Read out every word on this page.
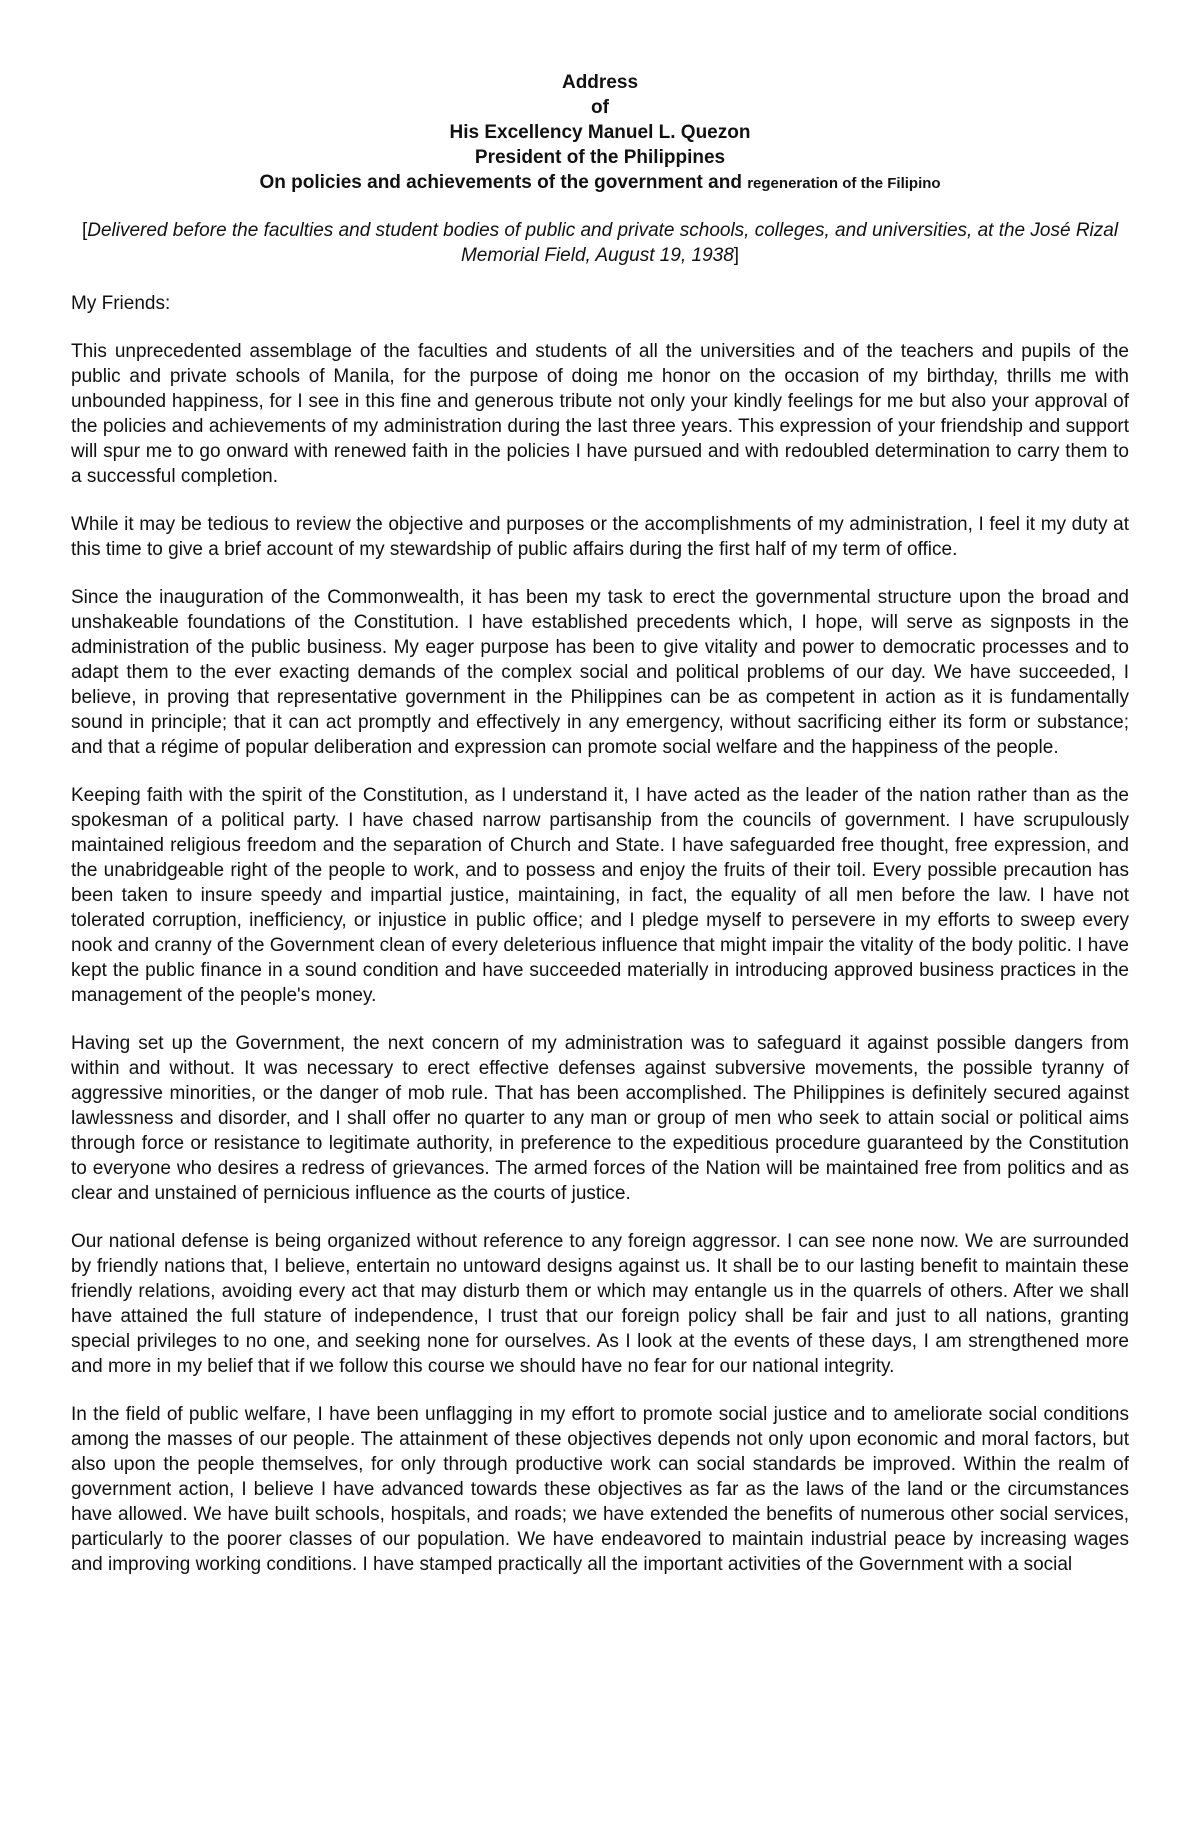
Address
of
His Excellency Manuel L. Quezon
President of the Philippines
On policies and achievements of the government and regeneration of the Filipino
[Delivered before the faculties and student bodies of public and private schools, colleges, and universities, at the José Rizal Memorial Field, August 19, 1938]
My Friends:

This unprecedented assemblage of the faculties and students of all the universities and of the teachers and pupils of the public and private schools of Manila, for the purpose of doing me honor on the occasion of my birthday, thrills me with unbounded happiness, for I see in this fine and generous tribute not only your kindly feelings for me but also your approval of the policies and achievements of my administration during the last three years. This expression of your friendship and support will spur me to go onward with renewed faith in the policies I have pursued and with redoubled determination to carry them to a successful completion.

While it may be tedious to review the objective and purposes or the accomplishments of my administration, I feel it my duty at this time to give a brief account of my stewardship of public affairs during the first half of my term of office.

Since the inauguration of the Commonwealth, it has been my task to erect the governmental structure upon the broad and unshakeable foundations of the Constitution. I have established precedents which, I hope, will serve as signposts in the administration of the public business. My eager purpose has been to give vitality and power to democratic processes and to adapt them to the ever exacting demands of the complex social and political problems of our day. We have succeeded, I believe, in proving that representative government in the Philippines can be as competent in action as it is fundamentally sound in principle; that it can act promptly and effectively in any emergency, without sacrificing either its form or substance; and that a régime of popular deliberation and expression can promote social welfare and the happiness of the people.

Keeping faith with the spirit of the Constitution, as I understand it, I have acted as the leader of the nation rather than as the spokesman of a political party. I have chased narrow partisanship from the councils of government. I have scrupulously maintained religious freedom and the separation of Church and State. I have safeguarded free thought, free expression, and the unabridgeable right of the people to work, and to possess and enjoy the fruits of their toil. Every possible precaution has been taken to insure speedy and impartial justice, maintaining, in fact, the equality of all men before the law. I have not tolerated corruption, inefficiency, or injustice in public office; and I pledge myself to persevere in my efforts to sweep every nook and cranny of the Government clean of every deleterious influence that might impair the vitality of the body politic. I have kept the public finance in a sound condition and have succeeded materially in introducing approved business practices in the management of the people's money.

Having set up the Government, the next concern of my administration was to safeguard it against possible dangers from within and without. It was necessary to erect effective defenses against subversive movements, the possible tyranny of aggressive minorities, or the danger of mob rule. That has been accomplished. The Philippines is definitely secured against lawlessness and disorder, and I shall offer no quarter to any man or group of men who seek to attain social or political aims through force or resistance to legitimate authority, in preference to the expeditious procedure guaranteed by the Constitution to everyone who desires a redress of grievances. The armed forces of the Nation will be maintained free from politics and as clear and unstained of pernicious influence as the courts of justice.

Our national defense is being organized without reference to any foreign aggressor. I can see none now. We are surrounded by friendly nations that, I believe, entertain no untoward designs against us. It shall be to our lasting benefit to maintain these friendly relations, avoiding every act that may disturb them or which may entangle us in the quarrels of others. After we shall have attained the full stature of independence, I trust that our foreign policy shall be fair and just to all nations, granting special privileges to no one, and seeking none for ourselves. As I look at the events of these days, I am strengthened more and more in my belief that if we follow this course we should have no fear for our national integrity.

In the field of public welfare, I have been unflagging in my effort to promote social justice and to ameliorate social conditions among the masses of our people. The attainment of these objectives depends not only upon economic and moral factors, but also upon the people themselves, for only through productive work can social standards be improved. Within the realm of government action, I believe I have advanced towards these objectives as far as the laws of the land or the circumstances have allowed. We have built schools, hospitals, and roads; we have extended the benefits of numerous other social services, particularly to the poorer classes of our population. We have endeavored to maintain industrial peace by increasing wages and improving working conditions. I have stamped practically all the important activities of the Government with a social
